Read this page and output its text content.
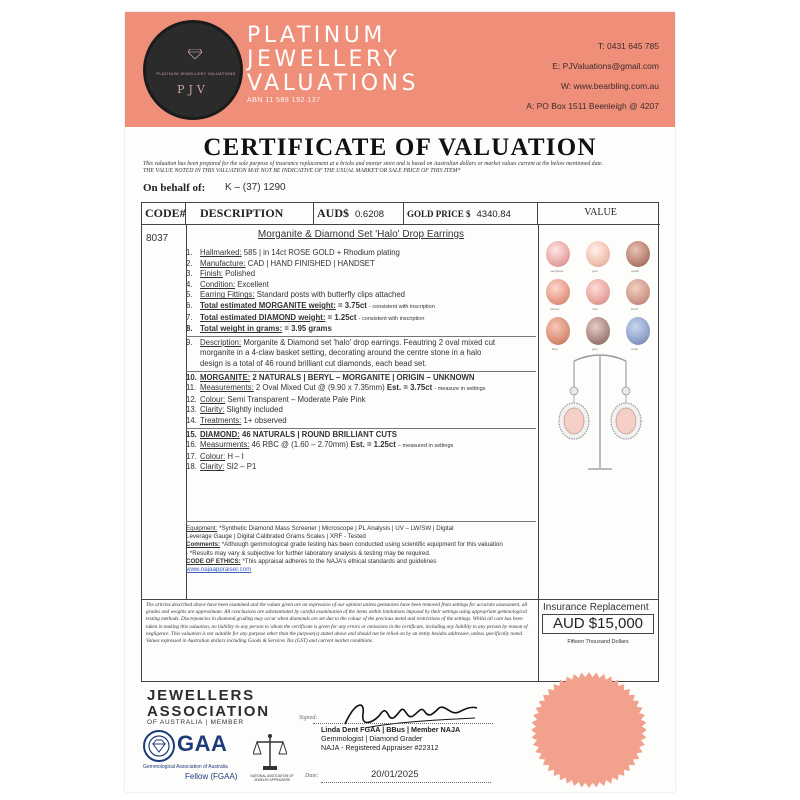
PLATINUM JEWELLERY VALUATIONS
PJV
PLATINUM
JEWELLERY
VALUATIONS
ABN 11 588 192 137
T: 0431 645 785
E: PJValuations@gmail.com
W: www.bearbling.com.au
A: PO Box 1511 Beenleigh @ 4207
CERTIFICATE OF VALUATION
This valuation has been prepared for the sole purpose of insurance replacement at a bricks and mortar store and is based on Australian dollars or market values current at the below mentioned date.
THE VALUE NOTED IN THIS VALUATION MAY NOT BE INDICATIVE OF THE USUAL MARKET OR SALE PRICE OF THIS ITEM*
On behalf of: K – (37) 1290
CODE#	DESCRIPTION	AUD$ 0.6208	GOLD PRICE $ 4340.84	VALUE
8037	Morganite & Diamond Set 'Halo' Drop Earrings
1. Hallmarked: 585 | in 14ct ROSE GOLD + Rhodium plating
2. Manufacture: CAD | HAND FINISHED | HANDSET
3. Finish: Polished
4. Condition: Excellent
5. Earring Fittings: Standard posts with butterfly clips attached
6. Total estimated MORGANITE weight: = 3.75ct - consistent with inscription
7. Total estimated DIAMOND weight: = 1.25ct - consistent with inscription
8. Total weight in grams: = 3.95 grams
9. Description: Morganite & Diamond set 'halo' drop earrings. Feautring 2 oval mixed cut
morganite in a 4-claw basket setting, decorating around the centre stone in a halo
design is a total of 46 round brilliant cut diamonds, each bead set.
10. MORGANITE: 2 NATURALS | BERYL – MORGANITE | ORIGIN – UNKNOWN
11. Measurements: 2 Oval Mixed Cut @ (9.90 x 7.35mm) Est. = 3.75ct - measure in settings
12. Colour: Semi Transparent – Moderate Pale Pink
13. Clarity: Slightly included
14. Treatments: 1+ observed
15. DIAMOND: 46 NATURALS | ROUND BRILLIANT CUTS
16. Measurments: 46 RBC @ (1.60 – 2.70mm) Est. = 1.25ct – measured in settings
17. Colour: H – I
18. Clarity: SI2 – P1
Equipment: *Synthetic Diamond Mass Screener | Microscope | PL Analysis | UV – LW/SW | Digital
Leverage Gauge | Digital Calibrated Grams Scales | XRF - Tested
Comments: *Although gemmological grade testing has been conducted using scientific equipment for this valuation
- *Results may vary & subjective for further laboratory analysis & testing may be required.
CODE OF ETHICS: *This appraisal adheres to the NAJA's ethical standards and guidelines
www.najaappraiser.com
morganite	pink	peach
salmon	rose	blush
blue	grey	violet
The articles described above have been examined and the values given are an expression of our opinion unless gemstones have been removed from settings for accurate assessment, all grades and weights are approximate. All conclusions are substantiated by careful examination of the items within limitations imposed by their settings using appropriate gemmological testing methods. Discrepancies in diamond grading may occur when diamonds are set due to the colour of the precious metal and restrictions of the settings. Whilst all care has been taken in making this valuation, no liability to any person to whom the certificate is given for any errors or omissions in the certificate, including any liability to any person by reason of negligence. This valuation is not suitable for any purpose other than the purpose(s) stated above and should not be relied on by an entity besides addressee, unless specifically noted. Values expressed in Australian dollars including Goods & Services Tax (GST) and current market conditions.
Insurance Replacement
AUD $15,000
Fifteen Thousand Dollars
JEWELLERS
ASSOCIATION
OF AUSTRALIA | MEMBER
GAA
Gemmological Association of Australia
Fellow (FGAA)	NATIONAL ASSOCIATION OF JEWELRY APPRAISERS
Signed:
Linda Dent FGAA | BBus | Member NAJA
Gemmologist | Diamond Grader
NAJA - Registered Appraiser #22312
Date:	20/01/2025
